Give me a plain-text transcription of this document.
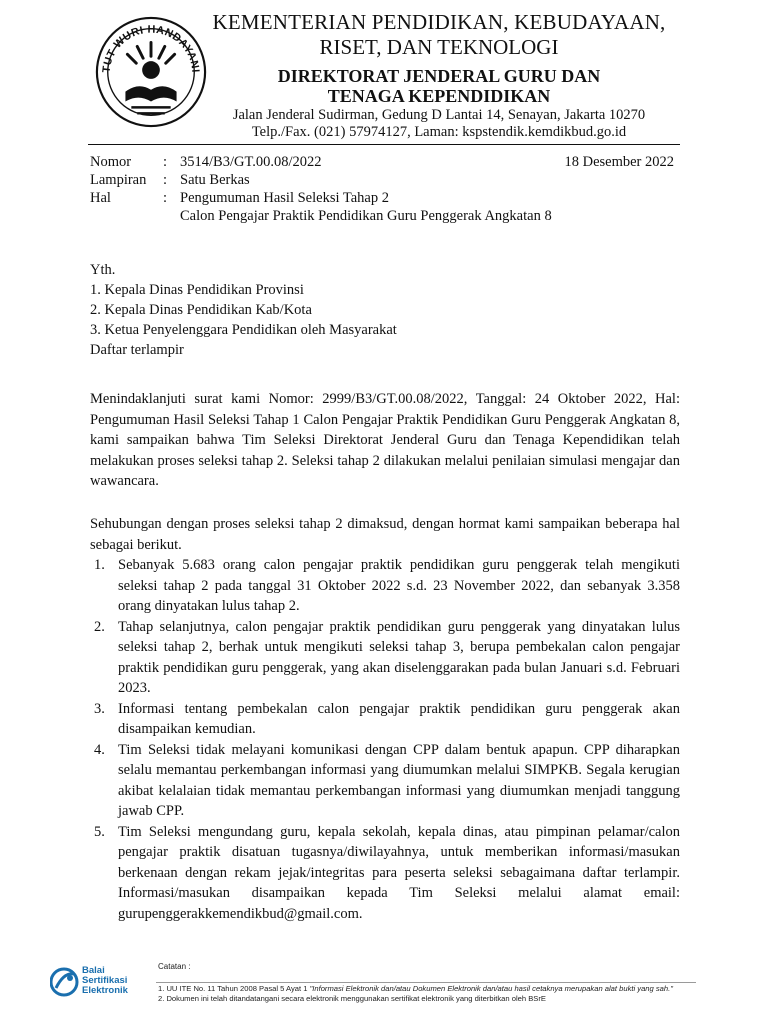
TUT WURI HANDAYANI
KEMENTERIAN PENDIDIKAN, KEBUDAYAAN,
RISET, DAN TEKNOLOGI
DIREKTORAT JENDERAL GURU DAN
TENAGA KEPENDIDIKAN
Jalan Jenderal Sudirman, Gedung D Lantai 14, Senayan, Jakarta 10270
Telp./Fax. (021) 57974127, Laman: kspstendik.kemdikbud.go.id
Nomor : 3514/B3/GT.00.08/2022	18 Desember 2022
Lampiran : Satu Berkas
Hal	: Pengumuman Hasil Seleksi Tahap 2
Calon Pengajar Praktik Pendidikan Guru Penggerak Angkatan 8
Yth.
1. Kepala Dinas Pendidikan Provinsi
2. Kepala Dinas Pendidikan Kab/Kota
3. Ketua Penyelenggara Pendidikan oleh Masyarakat
Daftar terlampir
Menindaklanjuti surat kami Nomor: 2999/B3/GT.00.08/2022, Tanggal: 24 Oktober 2022, Hal: Pengumuman Hasil Seleksi Tahap 1 Calon Pengajar Praktik Pendidikan Guru Penggerak Angkatan 8, kami sampaikan bahwa Tim Seleksi Direktorat Jenderal Guru dan Tenaga Kependidikan telah melakukan proses seleksi tahap 2. Seleksi tahap 2 dilakukan melalui penilaian simulasi mengajar dan wawancara.
Sehubungan dengan proses seleksi tahap 2 dimaksud, dengan hormat kami sampaikan beberapa hal sebagai berikut.
1. Sebanyak 5.683 orang calon pengajar praktik pendidikan guru penggerak telah mengikuti seleksi tahap 2 pada tanggal 31 Oktober 2022 s.d. 23 November 2022, dan sebanyak 3.358 orang dinyatakan lulus tahap 2.
2. Tahap selanjutnya, calon pengajar praktik pendidikan guru penggerak yang dinyatakan lulus seleksi tahap 2, berhak untuk mengikuti seleksi tahap 3, berupa pembekalan calon pengajar praktik pendidikan guru penggerak, yang akan diselenggarakan pada bulan Januari s.d. Februari 2023.
3. Informasi tentang pembekalan calon pengajar praktik pendidikan guru penggerak akan disampaikan kemudian.
4. Tim Seleksi tidak melayani komunikasi dengan CPP dalam bentuk apapun. CPP diharapkan selalu memantau perkembangan informasi yang diumumkan melalui SIMPKB. Segala kerugian akibat kelalaian tidak memantau perkembangan informasi yang diumumkan menjadi tanggung jawab CPP.
5. Tim Seleksi mengundang guru, kepala sekolah, kepala dinas, atau pimpinan pelamar/calon pengajar praktik disatuan tugasnya/diwilayahnya, untuk memberikan informasi/masukan berkenaan dengan rekam jejak/integritas para peserta seleksi sebagaimana daftar terlampir. Informasi/masukan disampaikan kepada Tim Seleksi melalui alamat email: gurupenggerakkemendikbud@gmail.com.
Balai
Sertifikasi
Elektronik
Catatan :
1. UU ITE No. 11 Tahun 2008 Pasal 5 Ayat 1 "Informasi Elektronik dan/atau Dokumen Elektronik dan/atau hasil cetaknya merupakan alat bukti yang sah."
2. Dokumen ini telah ditandatangani secara elektronik menggunakan sertifikat elektronik yang diterbitkan oleh BSrE
